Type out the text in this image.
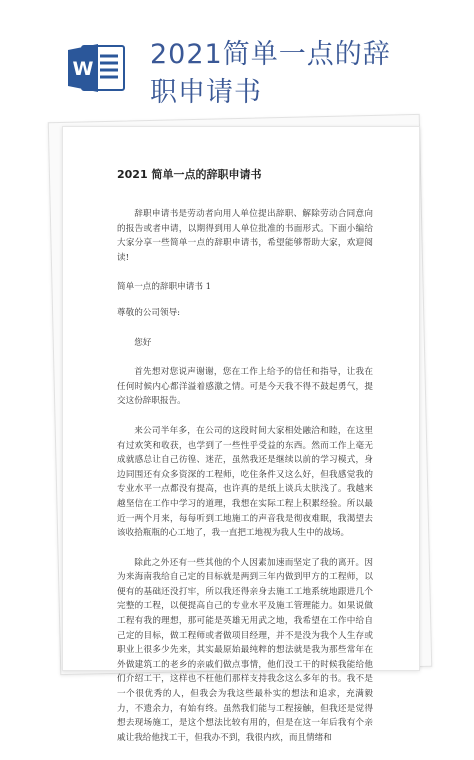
W 2021简单一点的辞
职申请书
2021 简单一点的辞职申请书

辞职申请书是劳动者向用人单位提出辞职、解除劳动合同意向的报告或者申请，以期得到用人单位批准的书面形式。下面小编给大家分享一些简单一点的辞职申请书，希望能够帮助大家，欢迎阅读!

简单一点的辞职申请书 1

尊敬的公司领导:

您好

首先想对您说声谢谢，您在工作上给予的信任和指导，让我在任何时候内心都洋溢着感激之情。可是今天我不得不鼓起勇气，提交这份辞职报告。

来公司半年多，在公司的这段时间大家相处融洽和睦，在这里有过欢笑和收获，也学到了一些性乎受益的东西。然而工作上毫无成就感总让自己彷徨、迷茫，虽然我还是继续以前的学习模式，身边同围还有众多资深的工程师，吃住条件又这么好，但我感觉我的专业水平一点都没有提高，也许真的是纸上谈兵太肤浅了。我越来越坚信在工作中学习的道理，我想在实际工程上积累经验。所以最近一两个月来，每每听到工地施工的声音我是彻夜难眠，我渴望去该收拾瓶瓶的心工地了，我一直把工地视为我人生中的战场。

除此之外还有一些其他的个人因素加速而坚定了我的离开。因为来海南我给自己定的目标就是两到三年内做到甲方的工程师，以便有的基础还没打牢，所以我还得亲身去施工工地系统地跟进几个完整的工程，以便提高自己的专业水平及施工管理能力。如果说做工程有我的理想，那可能是英雄无用武之地，我希望在工作中给自己定的目标，做工程师或者做项目经理，并不是没为我个人生存或职业上很多少先来，其实最原始最纯粹的想法就是我为那些常年在外做建筑工的老乡的亲戚们做点事情，他们没工干的时候我能给他们介绍工干，这样也不枉他们那样支持我念这么多年的书。我不是一个很优秀的人，但我会为我这些最朴实的想法和追求，充满毅力，不遗余力，有始有终。虽然我们能与工程接触，但我还是觉得想去现场施工，是这个想法比较有用的，但是在这一年后我有个亲戚让我给他找工干，但我办不到，我很内疚，而且情绪和
